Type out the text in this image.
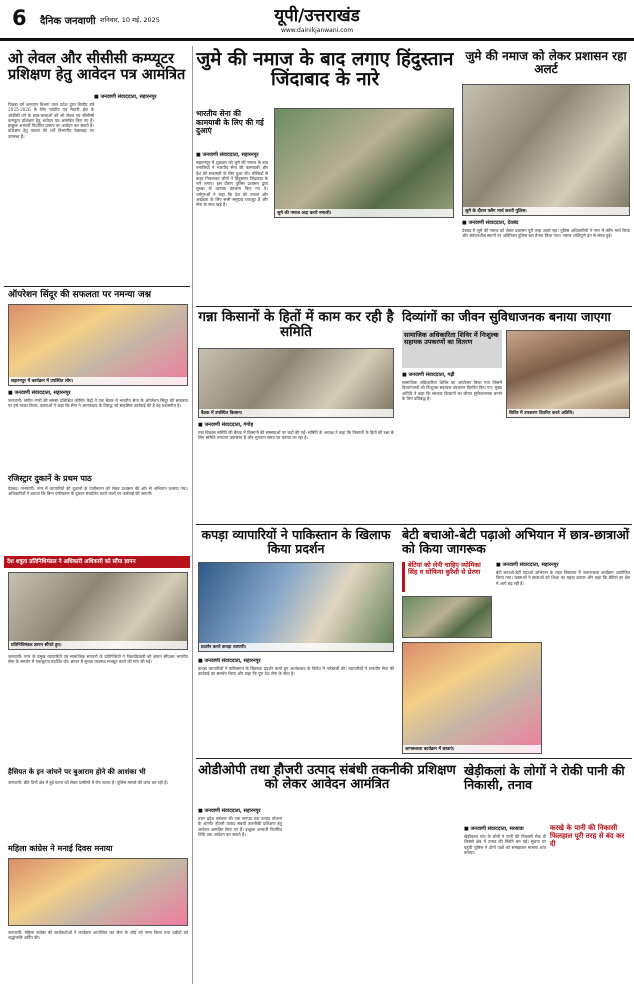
6 दैनिक जनवाणी शनिवार, 10 मई, 2025	यूपी/उत्तराखंड
www.dainikjanwani.com
ओ लेवल और सीसीसी कम्प्यूटर प्रशिक्षण हेतु आवेदन पत्र आमंत्रित
■ जनवाणी संवाददाता, सहारनपुर
पिछड़ा वर्ग कल्याण विभाग उत्तर प्रदेश द्वारा वित्तीय वर्ष 2025-2026 के लिए पर्वतीय एवं मैदानी क्षेत्र के ओबीसी वर्ग के छात्र-छात्राओं को ओ लेवल एवं सीसीसी कम्प्यूटर प्रशिक्षण हेतु आवेदन पत्र आमंत्रित किए गए हैं। इच्छुक अभ्यर्थी निर्धारित प्रारूप पर आवेदन कर सकते हैं। प्रशिक्षण हेतु पात्रता की शर्तें विभागीय वेबसाइट पर उपलब्ध हैं।
ऑपरेशन सिंदूर की सफलता पर नमन्या जश्न
सहारनपुर में कार्यक्रम में उपस्थित लोग।
■ जनवाणी संवाददाता, सहारनपुर
जनवाणी: संगीत नगरी की समस्त प्रशिक्षित कोचिंग केंद्रों ने एक बैठक में भारतीय सेना के ऑपरेशन सिंदूर की सफलता पर हर्ष व्यक्त किया। वक्ताओं ने कहा कि सेना ने आतंकवाद के विरुद्ध जो साहसिक कार्रवाई की है वह प्रशंसनीय है।
रजिस्ट्रार दुकानें के प्रथम पाठ
देवबंद। जनवाणी: नगर में व्यापारियों की दुकानों के पंजीकरण को लेकर प्रशासन की ओर से अभियान चलाया गया। अधिकारियों ने बताया कि बिना पंजीकरण के दुकान संचालित करने वालों पर कार्रवाई की जाएगी।
देश शत्रुता प्रतिनिधिमंडल ने अधिकारी अधिकारी को सौंपा ज्ञापन
प्रतिनिधिमंडल ज्ञापन सौंपते हुए।
जनवाणी: नगर के प्रमुख व्यापारियों एवं सामाजिक संगठनों के प्रतिनिधियों ने जिलाधिकारी को ज्ञापन सौंपकर भारतीय सेना के समर्थन में एकजुटता प्रदर्शित की। ज्ञापन में सुरक्षा व्यवस्था मजबूत करने की मांग की गई।
हैसियत के इन जांचने पर बुआराम होने की आशंका भी
जनवाणी: बीते दिनों क्षेत्र में हुई घटना को लेकर ग्रामीणों में रोष व्याप्त है। पुलिस मामले की जांच कर रही है।
महिला कांग्रेस ने मनाई दिवस मनाया
जनवाणी: महिला कांग्रेस की कार्यकर्ताओं ने कार्यक्रम आयोजित कर सेना के शौर्य को नमन किया तथा शहीदों को श्रद्धांजलि अर्पित की।
जुमे की नमाज के बाद लगाए हिंदुस्तान जिंदाबाद के नारे
भारतीय सेना की कामयाबी के लिए की गई दुआएं
■ जनवाणी संवाददाता, सहारनपुर
सहारनपुर में शुक्रवार को जुमे की नमाज के बाद नमाजियों ने भारतीय सेना की कामयाबी और देश की सलामती के लिए दुआ की। मस्जिदों से बाहर निकलकर लोगों ने हिंदुस्तान जिंदाबाद के नारे लगाए। इस दौरान पुलिस प्रशासन द्वारा सुरक्षा के व्यापक इंतजाम किए गए थे। धर्मगुरुओं ने कहा कि देश की एकता और अखंडता के लिए सभी समुदाय एकजुट हैं और सेना के साथ खड़े हैं।
जुमे की नमाज अदा करते नमाजी।
जुमे की नमाज को लेकर प्रशासन रहा अलर्ट
जुमे के दौरान फ्लैग मार्च करती पुलिस।
■ जनवाणी संवाददाता, देवबंद
देवबंद में जुमे की नमाज को लेकर प्रशासन पूरी तरह अलर्ट रहा। पुलिस अधिकारियों ने नगर में फ्लैग मार्च किया और संवेदनशील स्थानों पर अतिरिक्त पुलिस बल तैनात किया गया। नमाज शांतिपूर्ण ढंग से संपन्न हुई।
गन्ना किसानों के हितों में काम कर रही है समिति
बैठक में उपस्थित किसान।
■ जनवाणी संवाददाता, गंगोह
गन्ना विकास समिति की बैठक में किसानों की समस्याओं पर चर्चा की गई। समिति के अध्यक्ष ने कहा कि किसानों के हितों की रक्षा के लिए समिति लगातार प्रयासरत है और भुगतान समय पर कराया जा रहा है।
दिव्यांगों का जीवन सुविधाजनक बनाया जाएगा
सामाजिक अधिकारिता शिविर में निःशुल्क सहायक उपकरणों का वितरण
■ जनवाणी संवाददाता, गढ़ी
सामाजिक अधिकारिता शिविर का आयोजन किया गया जिसमें दिव्यांगजनों को निःशुल्क सहायक उपकरण वितरित किए गए। मुख्य अतिथि ने कहा कि सरकार दिव्यांगों का जीवन सुविधाजनक बनाने के लिए प्रतिबद्ध है।
शिविर में उपकरण वितरित करते अतिथि।
कपड़ा व्यापारियों ने पाकिस्तान के खिलाफ किया प्रदर्शन
प्रदर्शन करते कपड़ा व्यापारी।
■ जनवाणी संवाददाता, सहारनपुर
कपड़ा व्यापारियों ने पाकिस्तान के खिलाफ प्रदर्शन करते हुए आतंकवाद के विरोध में नारेबाजी की। व्यापारियों ने भारतीय सेना की कार्रवाई का समर्थन किया और कहा कि पूरा देश सेना के साथ है।
बेटी बचाओ-बेटी पढ़ाओ अभियान में छात्र-छात्राओं को किया जागरूक
बेटियां को लेनी चाहिए व्योमिका सिंह व सोफिया कुरैशी से प्रेरणा
■ जनवाणी संवाददाता, सहारनपुर
बेटी बचाओ-बेटी पढ़ाओ अभियान के तहत विद्यालय में जागरूकता कार्यक्रम आयोजित किया गया। वक्ताओं ने छात्राओं को शिक्षा का महत्व बताया और कहा कि बेटियां हर क्षेत्र में आगे बढ़ रही हैं।
जागरूकता कार्यक्रम में छात्राएं।
ओडीओपी तथा हौजरी उत्पाद संबंधी तकनीकी प्रशिक्षण को लेकर आवेदन आमंत्रित
■ जनवाणी संवाददाता, सहारनपुर
उत्तर प्रदेश सरकार की एक जनपद एक उत्पाद योजना के अंतर्गत हौजरी उत्पाद संबंधी तकनीकी प्रशिक्षण हेतु आवेदन आमंत्रित किए गए हैं। इच्छुक अभ्यर्थी निर्धारित तिथि तक आवेदन कर सकते हैं।
खेड़ीकलां के लोगों ने रोकी पानी की निकासी, तनाव
■ जनवाणी संवाददाता, सरसावा
खेड़ीकलां गांव के लोगों ने पानी की निकासी रोक दी जिससे क्षेत्र में तनाव की स्थिति बन गई। सूचना पर पहुंची पुलिस ने दोनों पक्षों को समझाकर मामला शांत कराया।
करखे के पानी की निकासी फिलहाल पूरी तरह से बंद कर दी
